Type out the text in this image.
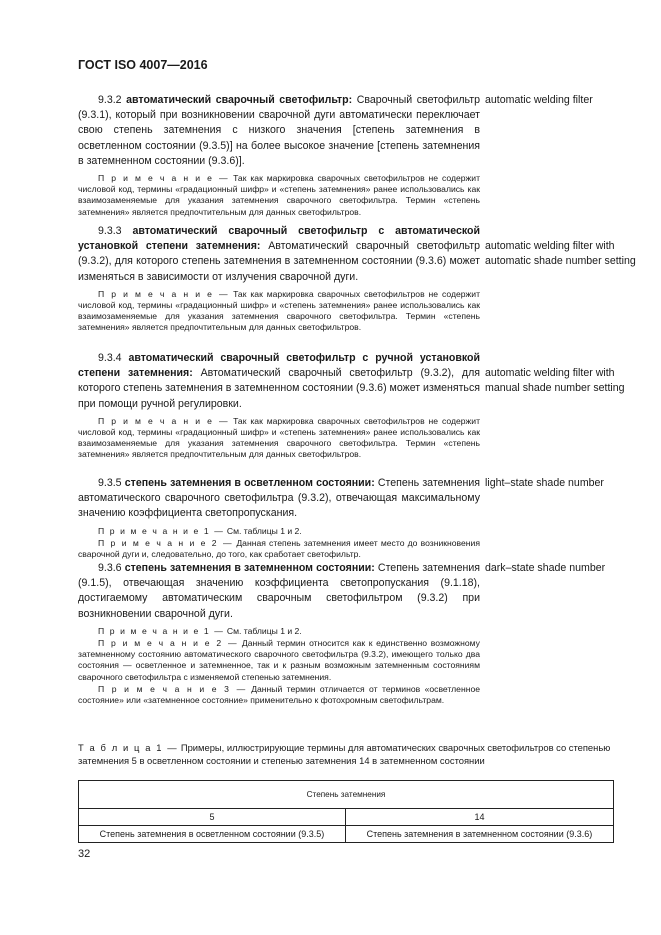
ГОСТ ISO 4007—2016
9.3.2 автоматический сварочный светофильтр: Сварочный светофильтр (9.3.1), который при возникновении сварочной дуги автоматически переключает свою степень затемнения с низкого значения [степень затемнения в осветленном состоянии (9.3.5)] на более высокое значение [степень затемнения в затемненном состоянии (9.3.6)].
П р и м е ч а н и е — Так как маркировка сварочных светофильтров не содержит числовой код, термины «градационный шифр» и «степень затемнения» ранее использовались как взаимозаменяемые для указания затемнения сварочного светофильтра. Термин «степень затемнения» является предпочтительным для данных светофильтров.
automatic welding filter
9.3.3 автоматический сварочный светофильтр с автоматической установкой степени затемнения: Автоматический сварочный светофильтр (9.3.2), для которого степень затемнения в затемненном состоянии (9.3.6) может изменяться в зависимости от излучения сварочной дуги.
П р и м е ч а н и е — Так как маркировка сварочных светофильтров не содержит числовой код, термины «градационный шифр» и «степень затемнения» ранее использовались как взаимозаменяемые для указания затемнения сварочного светофильтра. Термин «степень затемнения» является предпочтительным для данных светофильтров.
automatic welding filter with automatic shade number setting
9.3.4 автоматический сварочный светофильтр с ручной установкой степени затемнения: Автоматический сварочный светофильтр (9.3.2), для которого степень затемнения в затемненном состоянии (9.3.6) может изменяться при помощи ручной регулировки.
П р и м е ч а н и е — Так как маркировка сварочных светофильтров не содержит числовой код, термины «градационный шифр» и «степень затемнения» ранее использовались как взаимозаменяемые для указания затемнения сварочного светофильтра. Термин «степень затемнения» является предпочтительным для данных светофильтров.
automatic welding filter with manual shade number setting
9.3.5 степень затемнения в осветленном состоянии: Степень затемнения автоматического сварочного светофильтра (9.3.2), отвечающая максимальному значению коэффициента светопропускания.
П р и м е ч а н и е 1 — См. таблицы 1 и 2.
П р и м е ч а н и е 2 — Данная степень затемнения имеет место до возникновения сварочной дуги и, следовательно, до того, как сработает светофильтр.
light–state shade number
9.3.6 степень затемнения в затемненном состоянии: Степень затемнения (9.1.5), отвечающая значению коэффициента светопропускания (9.1.18), достигаемому автоматическим сварочным светофильтром (9.3.2) при возникновении сварочной дуги.
П р и м е ч а н и е 1 — См. таблицы 1 и 2.
П р и м е ч а н и е 2 — Данный термин относится как к единственно возможному затемненному состоянию автоматического сварочного светофильтра (9.3.2), имеющего только два состояния — осветленное и затемненное, так и к разным возможным затемненным состояниям сварочного светофильтра с изменяемой степенью затемнения.
П р и м е ч а н и е 3 — Данный термин отличается от терминов «осветленное состояние» или «затемненное состояние» применительно к фотохромным светофильтрам.
dark–state shade number
Т а б л и ц а 1 — Примеры, иллюстрирующие термины для автоматических сварочных светофильтров со степенью затемнения 5 в осветленном состоянии и степенью затемнения 14 в затемненном состоянии
Степень затемнения	
5	14
Степень затемнения в осветленном состоянии (9.3.5)	Степень затемнения в затемненном состоянии (9.3.6)
32
